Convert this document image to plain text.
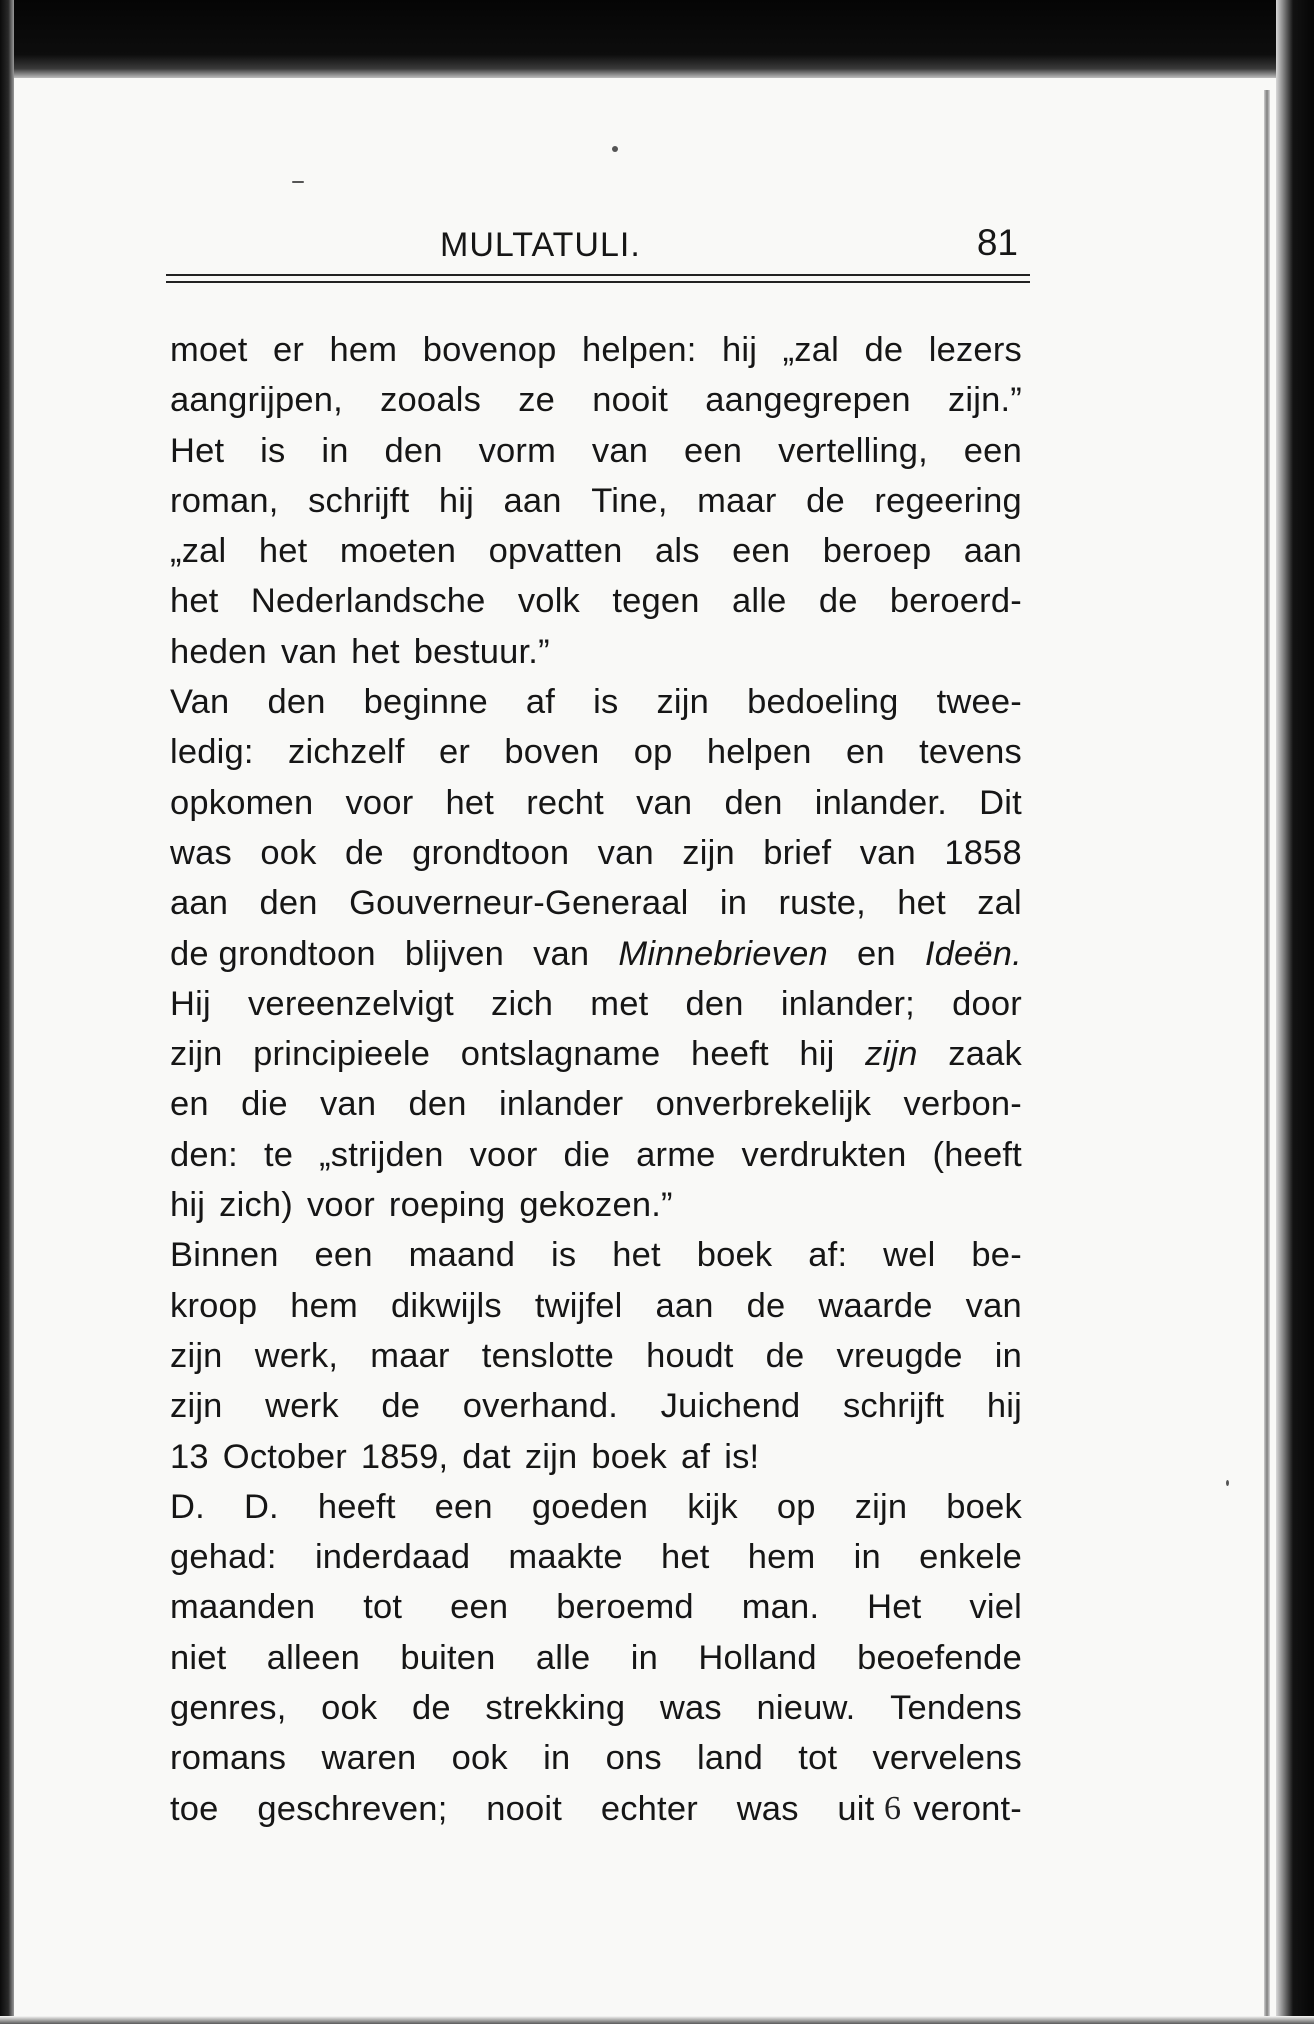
MULTATULI.	81
moet er hem bovenop helpen: hij „zal de lezers
aangrijpen, zooals ze nooit aangegrepen zijn.”
Het is in den vorm van een vertelling, een
roman, schrijft hij aan Tine, maar de regeering
„zal het moeten opvatten als een beroep aan
het Nederlandsche volk tegen alle de beroerd-
heden van het bestuur.”
Van den beginne af is zijn bedoeling twee-
ledig: zichzelf er boven op helpen en tevens
opkomen voor het recht van den inlander. Dit
was ook de grondtoon van zijn brief van 1858
aan den Gouverneur-Generaal in ruste, het zal
de grondtoon blijven van Minnebrieven en Ideën.
Hij vereenzelvigt zich met den inlander; door
zijn principieele ontslagname heeft hij zijn zaak
en die van den inlander onverbrekelijk verbon-
den: te „strijden voor die arme verdrukten (heeft
hij zich) voor roeping gekozen.”
Binnen een maand is het boek af: wel be-
kroop hem dikwijls twijfel aan de waarde van
zijn werk, maar tenslotte houdt de vreugde in
zijn werk de overhand. Juichend schrijft hij
13 October 1859, dat zijn boek af is!
D. D. heeft een goeden kijk op zijn boek
gehad: inderdaad maakte het hem in enkele
maanden tot een beroemd man. Het viel
niet alleen buiten alle in Holland beoefende
genres, ook de strekking was nieuw. Tendens
romans waren ook in ons land tot vervelens
toe geschreven; nooit echter was uit veront-
6
